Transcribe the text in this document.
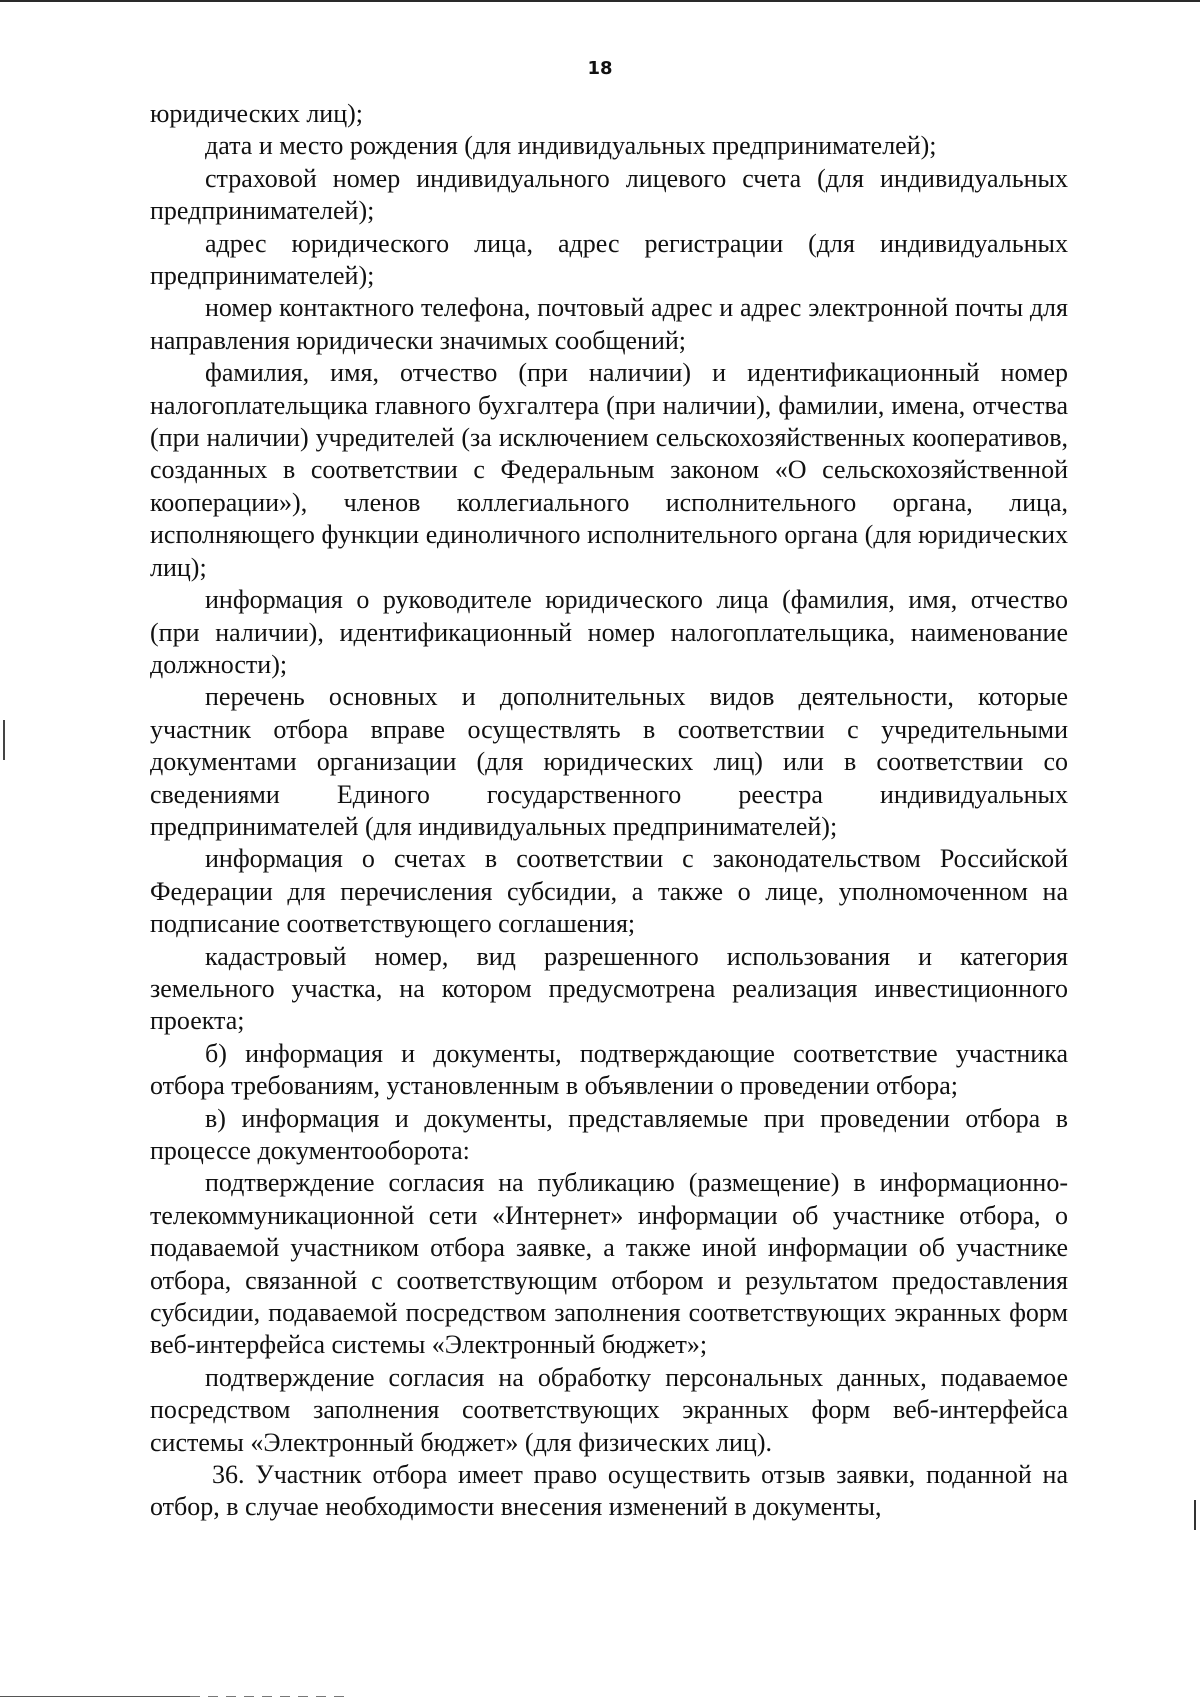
18

юридических лиц);

дата и место рождения (для индивидуальных предпринимателей);

страховой номер индивидуального лицевого счета (для индивидуальных предпринимателей);

адрес юридического лица, адрес регистрации (для индивидуальных предпринимателей);

номер контактного телефона, почтовый адрес и адрес электронной почты для направления юридически значимых сообщений;

фамилия, имя, отчество (при наличии) и идентификационный номер налогоплательщика главного бухгалтера (при наличии), фамилии, имена, отчества (при наличии) учредителей (за исключением сельскохозяйственных кооперативов, созданных в соответствии с Федеральным законом «О сельскохозяйственной кооперации»), членов коллегиального исполнительного органа, лица, исполняющего функции единоличного исполнительного органа (для юридических лиц);

информация о руководителе юридического лица (фамилия, имя, отчество (при наличии), идентификационный номер налогоплательщика, наименование должности);

перечень основных и дополнительных видов деятельности, которые участник отбора вправе осуществлять в соответствии с учредительными документами организации (для юридических лиц) или в соответствии со сведениями Единого государственного реестра индивидуальных предпринимателей (для индивидуальных предпринимателей);

информация о счетах в соответствии с законодательством Российской Федерации для перечисления субсидии, а также о лице, уполномоченном на подписание соответствующего соглашения;

кадастровый номер, вид разрешенного использования и категория земельного участка, на котором предусмотрена реализация инвестиционного проекта;

б) информация и документы, подтверждающие соответствие участника отбора требованиям, установленным в объявлении о проведении отбора;

в) информация и документы, представляемые при проведении отбора в процессе документооборота:

подтверждение согласия на публикацию (размещение) в информационно-телекоммуникационной сети «Интернет» информации об участнике отбора, о подаваемой участником отбора заявке, а также иной информации об участнике отбора, связанной с соответствующим отбором и результатом предоставления субсидии, подаваемой посредством заполнения соответствующих экранных форм веб-интерфейса системы «Электронный бюджет»;

подтверждение согласия на обработку персональных данных, подаваемое посредством заполнения соответствующих экранных форм веб-интерфейса системы «Электронный бюджет» (для физических лиц).

36. Участник отбора имеет право осуществить отзыв заявки, поданной на отбор, в случае необходимости внесения изменений в документы,
